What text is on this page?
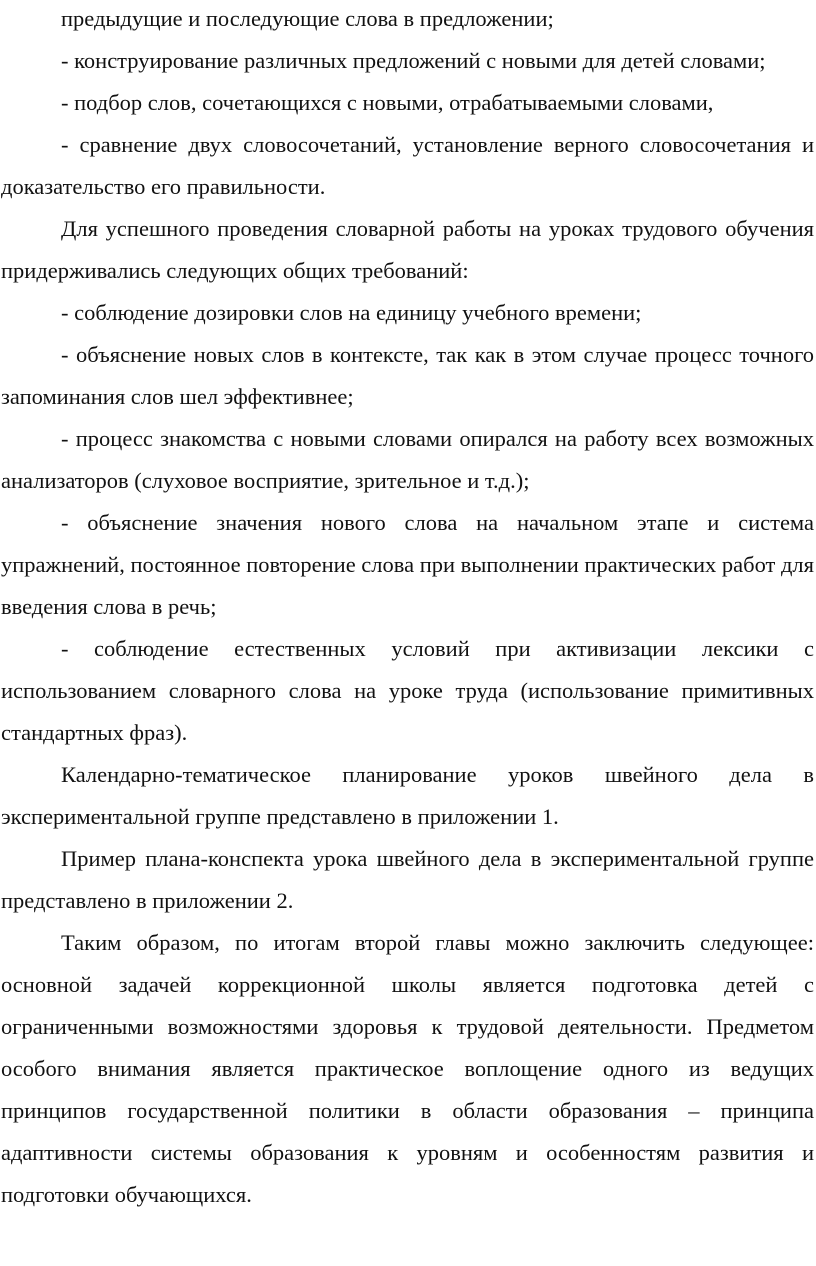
предыдущие и последующие слова в предложении;

- конструирование различных предложений с новыми для детей словами;

- подбор слов, сочетающихся с новыми, отрабатываемыми словами,

- сравнение двух словосочетаний, установление верного словосочетания и доказательство его правильности.

Для успешного проведения словарной работы на уроках трудового обучения придерживались следующих общих требований:

- соблюдение дозировки слов на единицу учебного времени;

- объяснение новых слов в контексте, так как в этом случае процесс точного запоминания слов шел эффективнее;

- процесс знакомства с новыми словами опирался на работу всех возможных анализаторов (слуховое восприятие, зрительное и т.д.);

- объяснение значения нового слова на начальном этапе и система упражнений, постоянное повторение слова при выполнении практических работ для введения слова в речь;

- соблюдение естественных условий при активизации лексики с использованием словарного слова на уроке труда (использование примитивных стандартных фраз).

Календарно-тематическое планирование уроков швейного дела в экспериментальной группе представлено в приложении 1.

Пример плана-конспекта урока швейного дела в экспериментальной группе представлено в приложении 2.

Таким образом, по итогам второй главы можно заключить следующее: основной задачей коррекционной школы является подготовка детей с ограниченными возможностями здоровья к трудовой деятельности. Предметом особого внимания является практическое воплощение одного из ведущих принципов государственной политики в области образования – принципа адаптивности системы образования к уровням и особенностям развития и подготовки обучающихся.
